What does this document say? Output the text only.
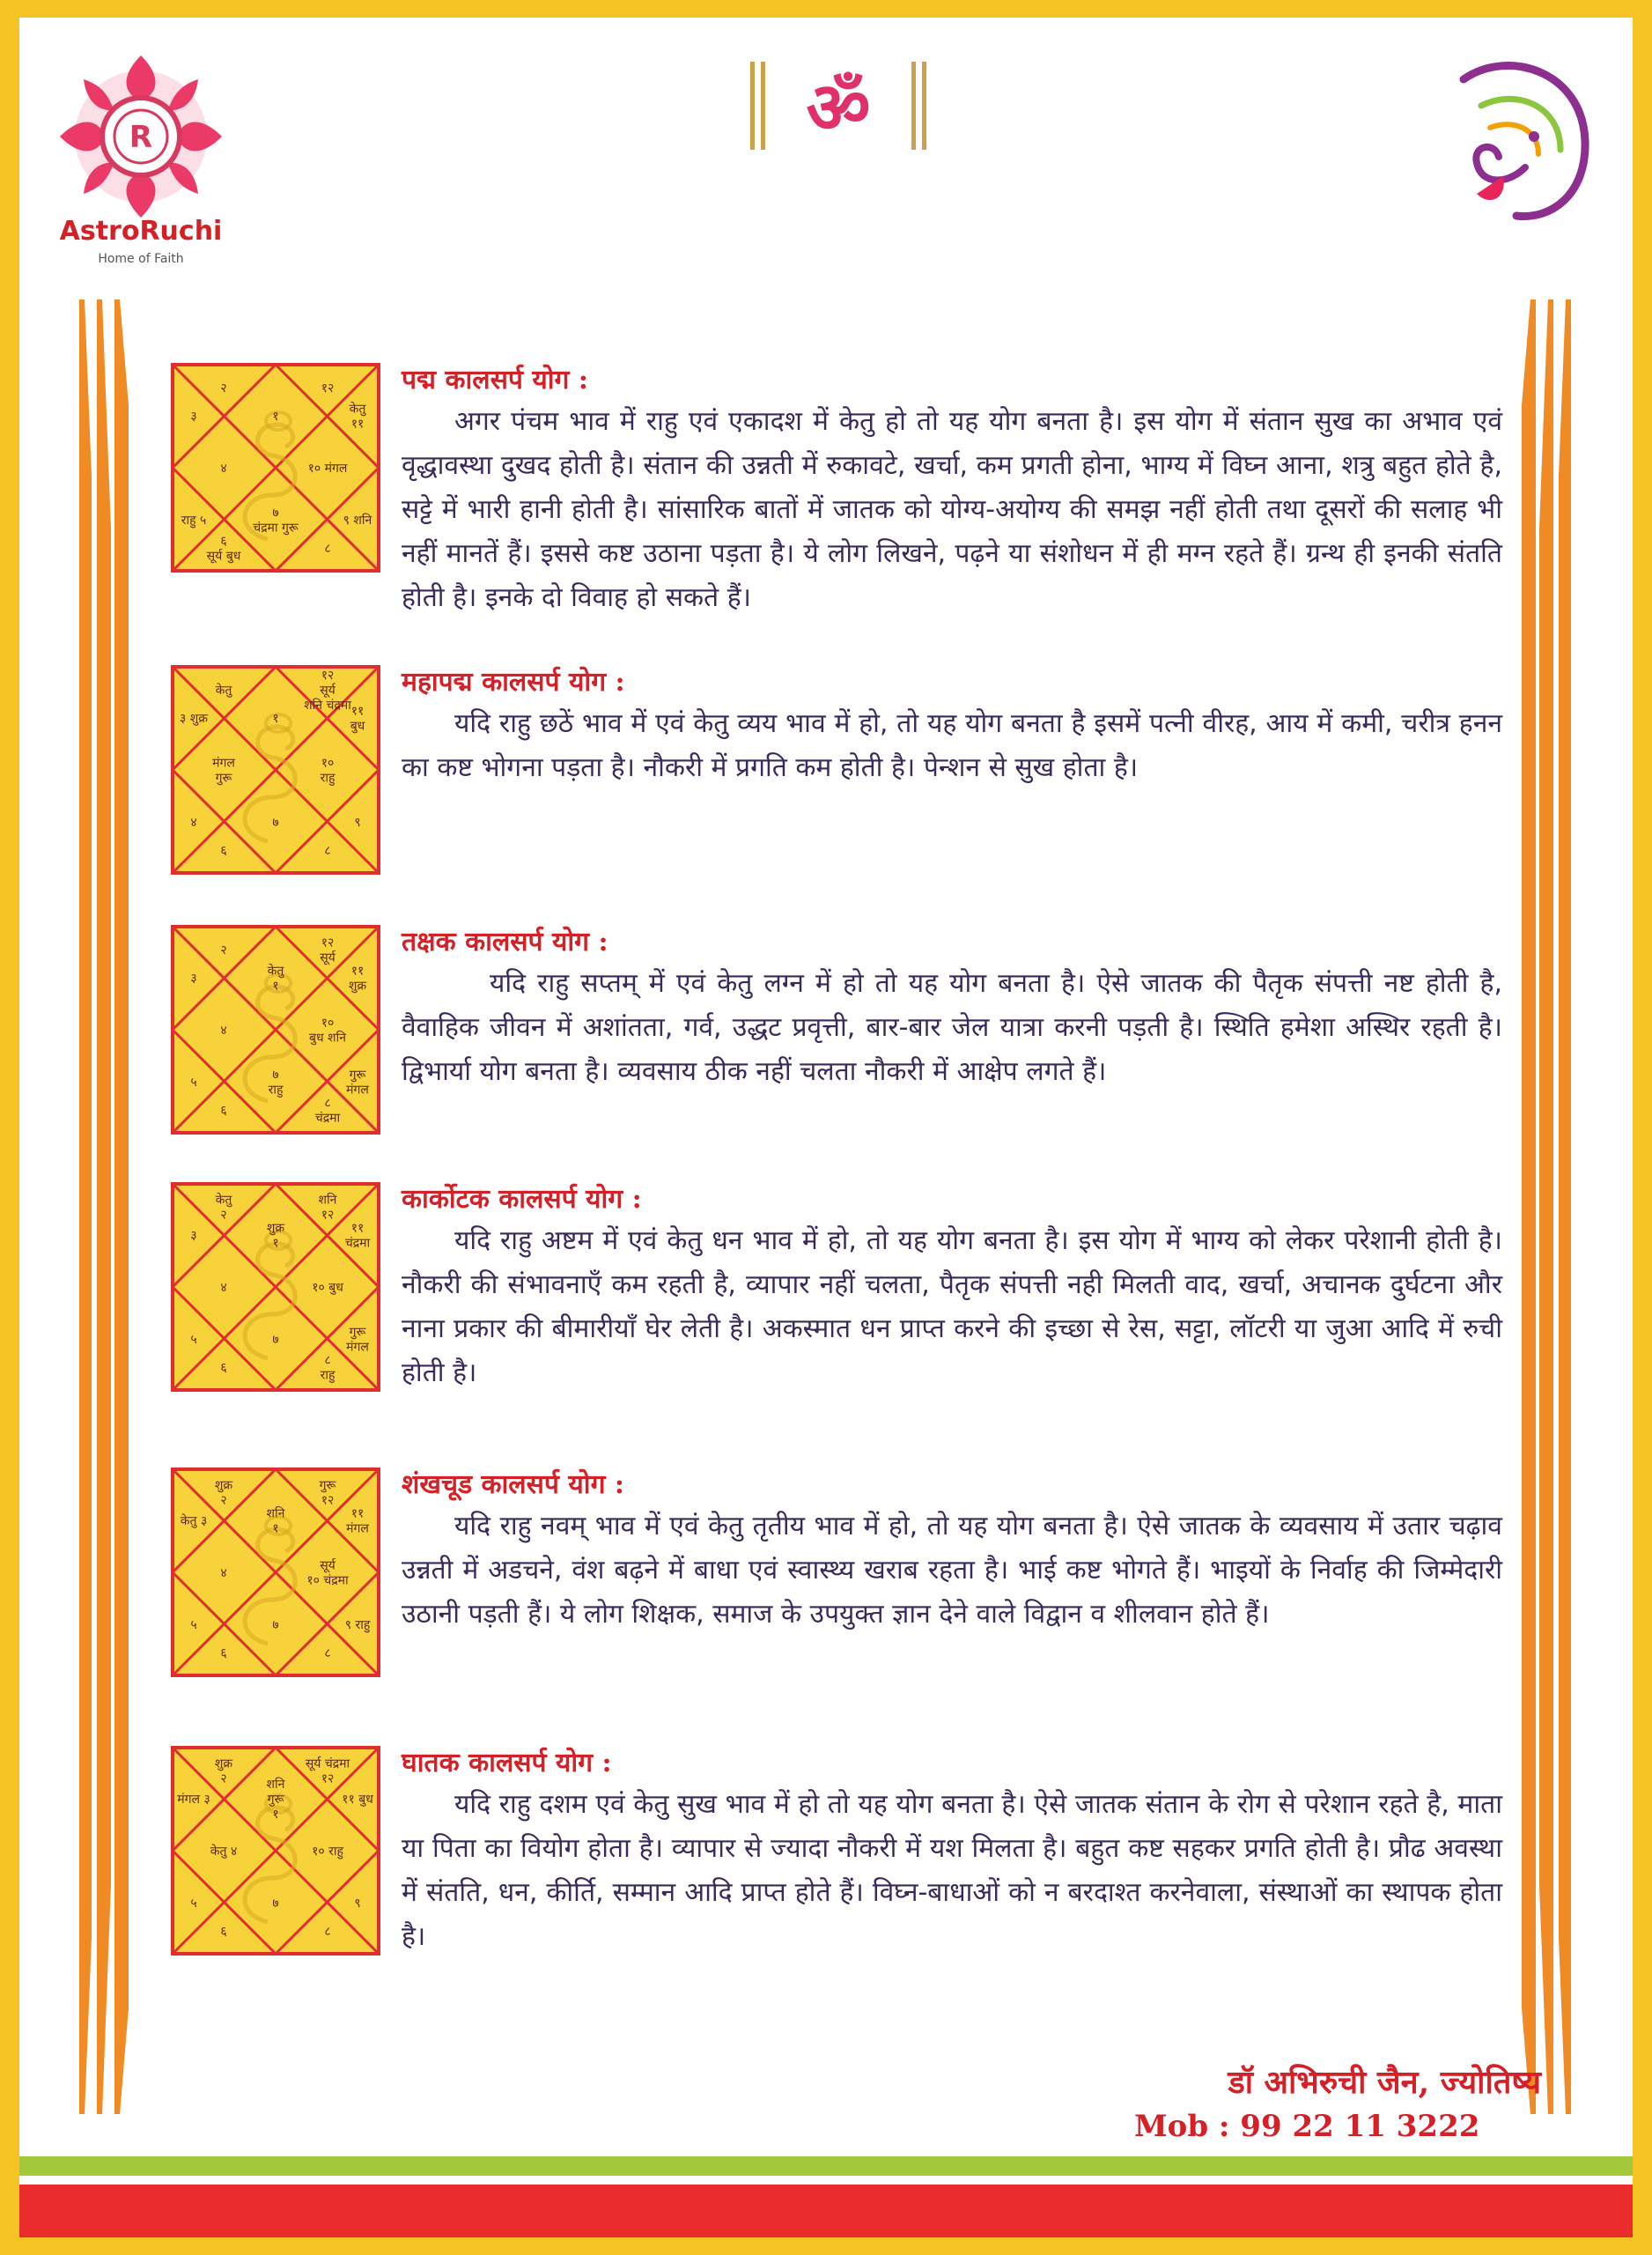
R
AstroRuchi
Home of Faith
ॐ
१
२
३
४
राहु ५
६
सूर्य बुध
७
चंद्रमा गुरू
८
९ शनि
१० मंगल
केतु
११
१२	पद्म कालसर्प योग :

अगर पंचम भाव में राहु एवं एकादश में केतु हो तो यह योग बनता है। इस योग में संतान सुख का अभाव एवं वृद्धावस्था दुखद होती है। संतान की उन्नती में रुकावटे, खर्चा, कम प्रगती होना, भाग्य में विघ्न आना, शत्रु बहुत होते है, सट्टे में भारी हानी होती है। सांसारिक बातों में जातक को योग्य-अयोग्य की समझ नहीं होती तथा दूसरों की सलाह भी नहीं मानतें हैं। इससे कष्ट उठाना पड़ता है। ये लोग लिखने, पढ़ने या संशोधन में ही मग्न रहते हैं। ग्रन्थ ही इनकी संतति होती है। इनके दो विवाह हो सकते हैं।

१
केतु
३ शुक्र
मंगल
गुरू
४
६
७
८
९
१०
राहु
११
बुध
१२
सूर्य
शनि चंद्रमा
महापद्म कालसर्प योग :

यदि राहु छठें भाव में एवं केतु व्यय भाव में हो, तो यह योग बनता है इसमें पत्नी वीरह, आय में कमी, चरीत्र हनन का कष्ट भोगना पड़ता है। नौकरी में प्रगति कम होती है। पेन्शन से सुख होता है।

केतु
१
२
३
४
५
६
७
राहु
८
चंद्रमा
गुरू
मंगल
१०
बुध शनि
११
शुक्र
१२
सूर्य
तक्षक कालसर्प योग :

यदि राहु सप्तम् में एवं केतु लग्न में हो तो यह योग बनता है। ऐसे जातक की पैतृक संपत्ती नष्ट होती है, वैवाहिक जीवन में अशांतता, गर्व, उद्धट प्रवृत्ती, बार-बार जेल यात्रा करनी पड़ती है। स्थिति हमेशा अस्थिर रहती है। द्विभार्या योग बनता है। व्यवसाय ठीक नहीं चलता नौकरी में आक्षेप लगते हैं।

शुक्र
१
केतु
२
३
४
५
६
७
८
राहु
गुरू
मंगल
१० बुध
११
चंद्रमा
शनि
१२
कार्कोटक कालसर्प योग :

यदि राहु अष्टम में एवं केतु धन भाव में हो, तो यह योग बनता है। इस योग में भाग्य को लेकर परेशानी होती है। नौकरी की संभावनाएँ कम रहती है, व्यापार नहीं चलता, पैतृक संपत्ती नही मिलती वाद, खर्चा, अचानक दुर्घटना और नाना प्रकार की बीमारीयाँ घेर लेती है। अकस्मात धन प्राप्त करने की इच्छा से रेस, सट्टा, लॉटरी या जुआ आदि में रुची होती है।

शनि
१
शुक्र
२
केतु ३
४
५
६
७
८
९ राहु
सूर्य
१० चंद्रमा
११
मंगल
गुरू
१२
शंखचूड कालसर्प योग :

यदि राहु नवम् भाव में एवं केतु तृतीय भाव में हो, तो यह योग बनता है। ऐसे जातक के व्यवसाय में उतार चढ़ाव उन्नती में अडचने, वंश बढ़ने में बाधा एवं स्वास्थ्य खराब रहता है। भाई कष्ट भोगते हैं। भाइयों के निर्वाह की जिम्मेदारी उठानी पड़ती हैं। ये लोग शिक्षक, समाज के उपयुक्त ज्ञान देने वाले विद्वान व शीलवान होते हैं।

शनि
गुरू
१
शुक्र
२
मंगल ३
केतु ४
५
६
७
८
९
१० राहु
११ बुध
सूर्य चंद्रमा
१२
घातक कालसर्प योग :

यदि राहु दशम एवं केतु सुख भाव में हो तो यह योग बनता है। ऐसे जातक संतान के रोग से परेशान रहते है, माता या पिता का वियोग होता है। व्यापार से ज्यादा नौकरी में यश मिलता है। बहुत कष्ट सहकर प्रगति होती है। प्रौढ अवस्था में संतति, धन, कीर्ति, सम्मान आदि प्राप्त होते हैं। विघ्न-बाधाओं को न बरदाश्त करनेवाला, संस्थाओं का स्थापक होता है।

डॉ अभिरुची जैन, ज्योतिष्य
Mob : 99 22 11 3222
